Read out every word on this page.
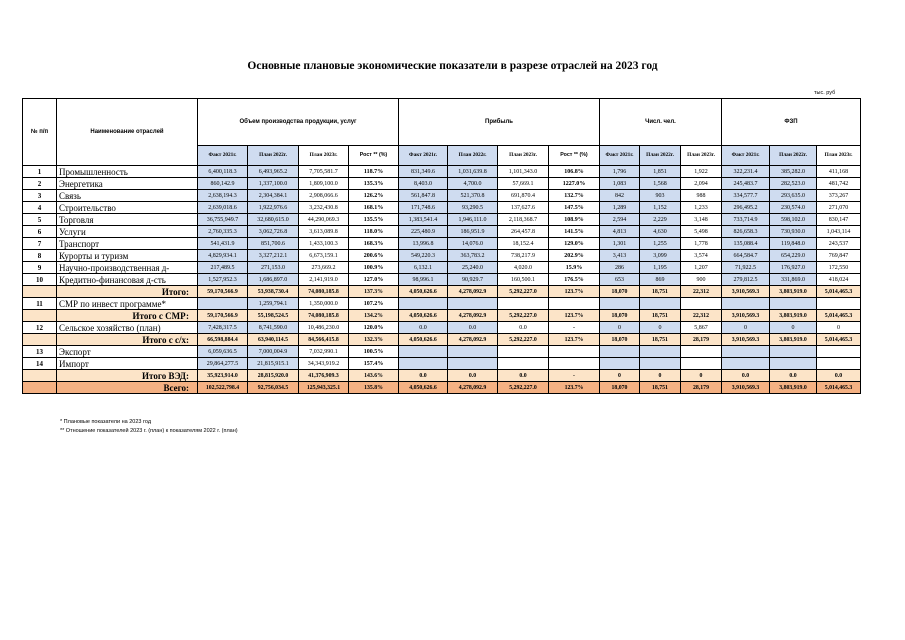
Основные плановые экономические показатели в разрезе отраслей на 2023 год
тыс. руб
№ п/п	Наименование отраслей	Объем производства продукции, услуг				Прибыль				Числ. чел.			ФЗП		
		Факт 2021г.	План 2022г.	План 2023г.	Рост ** (%)	Факт 2021г.	План 2022г.	План 2023г.	Рост ** (%)	Факт 2021г.	План 2022г.	План 2023г.	Факт 2021г.	План 2022г.	План 2023г.
1	Промышленность	6,400,118.3	6,493,965.2	7,705,581.7	118.7%	831,349.6	1,031,639.8	1,101,343.0	106.8%	1,796	1,851	1,922	322,231.4	385,282.0	411,168
2	Энергетика	860,142.9	1,337,100.0	1,809,100.0	135.3%	8,403.0	4,700.0	57,669.1	1227.0%	1,083	1,568	2,094	245,483.7	282,523.0	481,742
3	Связь	2,638,194.3	2,304,384.1	2,908,066.6	126.2%	561,847.8	521,370.8	691,870.4	132.7%	842	903	988	334,577.7	293,635.0	373,267
4	Строительство	2,639,018.6	1,922,976.6	3,232,430.8	168.1%	171,748.6	93,290.5	137,627.6	147.5%	1,289	1,152	1,233	296,495.2	230,574.0	271,070
5	Торговля	36,755,949.7	32,680,615.0	44,290,069.3	135.5%	1,383,541.4	1,946,111.0	2,118,368.7	108.9%	2,594	2,229	3,148	733,714.9	598,102.0	830,147
6	Услуги	2,760,335.3	3,062,726.8	3,613,089.8	118.0%	225,480.9	186,951.9	264,457.8	141.5%	4,813	4,630	5,498	826,658.3	730,930.0	1,043,114
7	Транспорт	541,431.9	851,700.6	1,433,100.3	168.3%	13,996.8	14,076.0	18,152.4	129.0%	1,301	1,255	1,778	135,088.4	119,848.0	243,537
8	Курорты и туризм	4,829,934.1	3,327,212.1	6,673,159.1	200.6%	549,220.3	363,783.2	738,217.9	202.9%	3,413	3,099	3,574	664,584.7	654,229.0	769,847
9	Научно-производственная д-	217,489.5	271,153.0	273,669.2	100.9%	6,132.1	25,240.0	4,020.0	15.9%	286	1,195	1,207	71,922.5	176,927.0	172,550
10	Кредитно-финансовая д-сть	1,527,952.3	1,686,897.0	2,141,919.0	127.0%	98,996.1	90,929.7	160,500.1	176.5%	653	869	900	279,812.5	331,869.0	418,024
	Итого:	59,170,566.9	53,938,730.4	74,080,185.8	137.3%	4,050,626.6	4,278,092.9	5,292,227.0	123.7%	18,070	18,751	22,312	3,910,569.3	3,803,919.0	5,014,465.3
11	СМР по инвест программе*		1,259,794.1	1,350,000.0	107.2%										
	Итого с СМР:	59,170,566.9	55,198,524.5	74,080,185.8	134.2%	4,050,626.6	4,278,092.9	5,292,227.0	123.7%	18,070	18,751	22,312	3,910,569.3	3,803,919.0	5,014,465.3
12	Сельское хозяйство (план)	7,428,317.5	8,741,590.0	10,486,230.0	120.0%	0.0	0.0	0.0	-	0	0	5,867	0	0	0
	Итого с с/х:	66,598,884.4	63,940,114.5	84,566,415.8	132.3%	4,050,626.6	4,278,092.9	5,292,227.0	123.7%	18,070	18,751	28,179	3,910,569.3	3,803,919.0	5,014,465.3
13	Экспорт	6,059,636.5	7,000,004.9	7,032,990.1	100.5%										
14	Импорт	29,864,277.5	21,815,915.1	34,343,919.2	157.4%										
	Итого ВЭД:	35,923,914.0	28,815,920.0	41,376,909.3	143.6%	0.0	0.0	0.0	-	0	0	0	0.0	0.0	0.0
	Всего:	102,522,798.4	92,756,034.5	125,943,325.1	135.8%	4,050,626.6	4,278,092.9	5,292,227.0	123.7%	18,070	18,751	28,179	3,910,569.3	3,803,919.0	5,014,465.3
* Плановые показатели на 2023 год
** Отношение показателей 2023 г. (план) к показателям 2022 г. (план)
